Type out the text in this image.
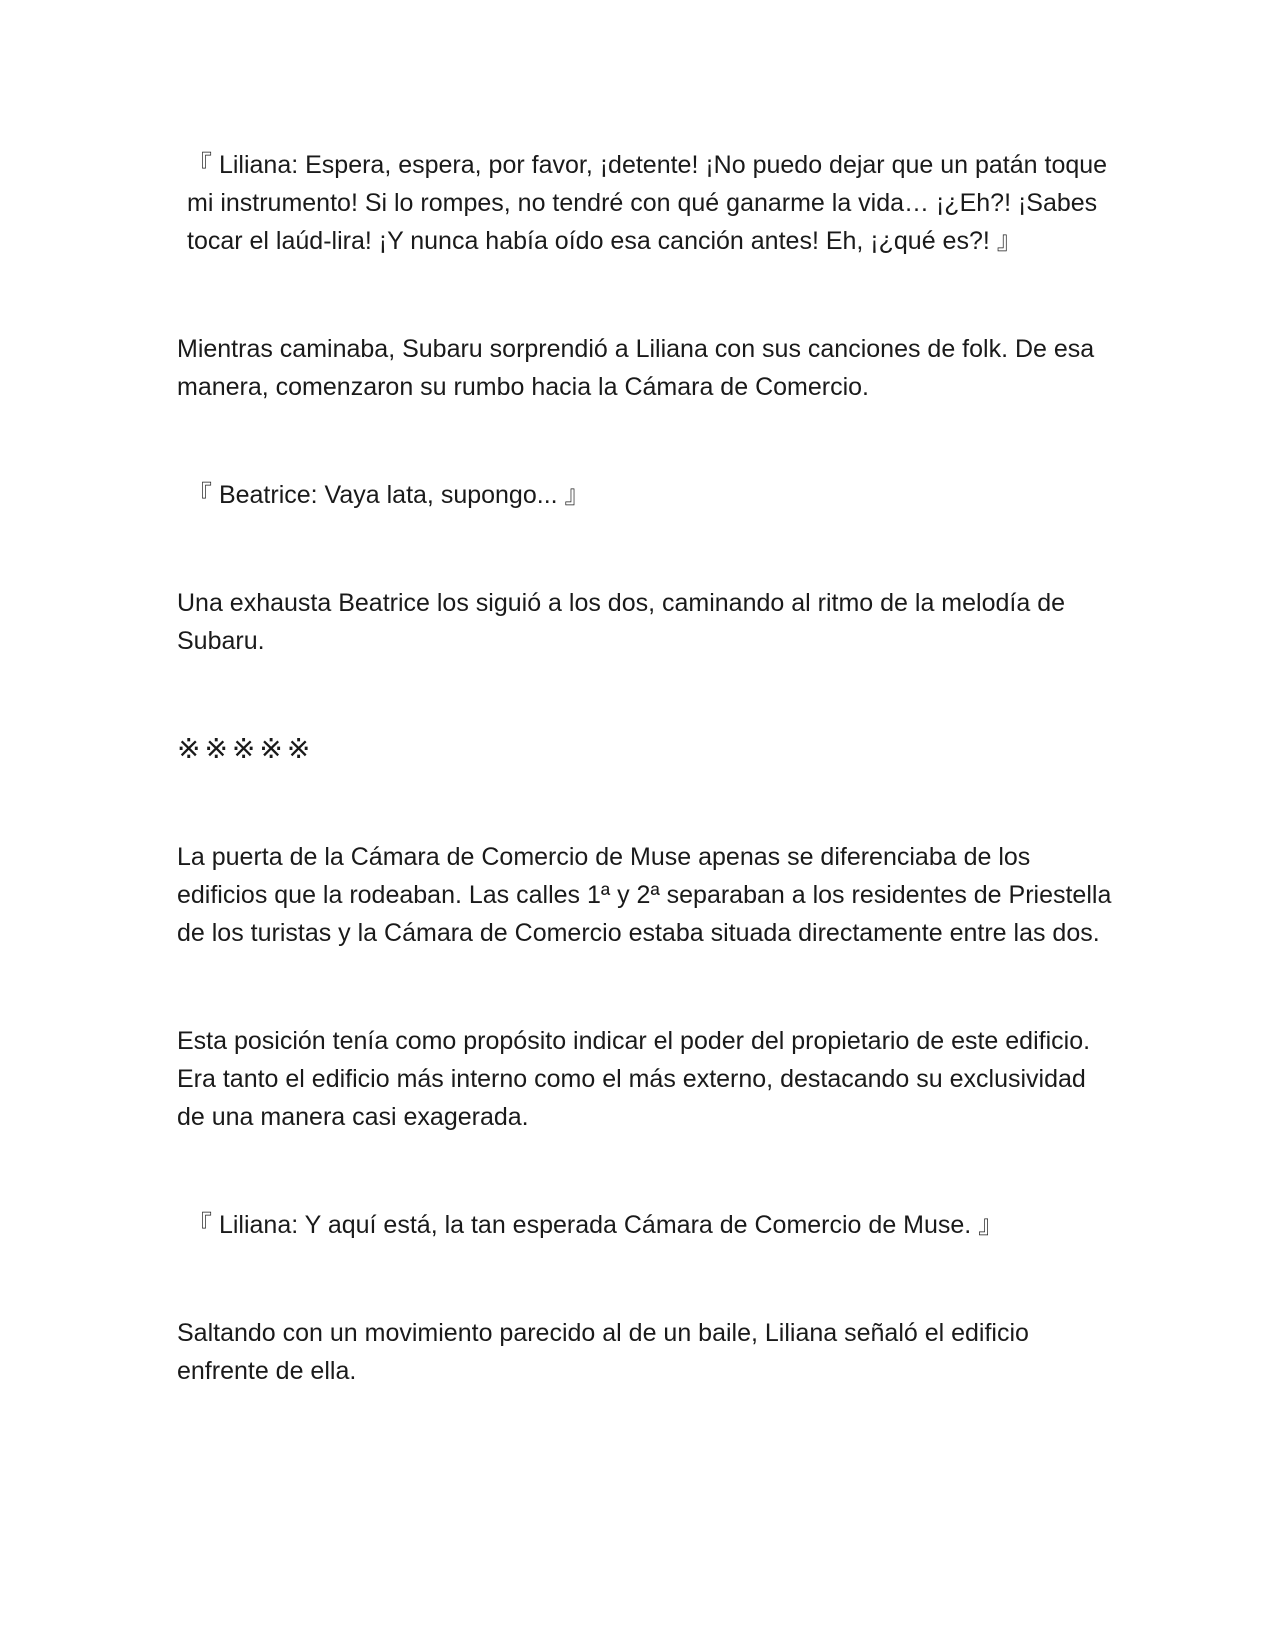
『 Liliana: Espera, espera, por favor, ¡detente! ¡No puedo dejar que un patán toque mi instrumento! Si lo rompes, no tendré con qué ganarme la vida… ¡¿Eh?! ¡Sabes tocar el laúd-lira! ¡Y nunca había oído esa canción antes! Eh, ¡¿qué es?! 』

Mientras caminaba, Subaru sorprendió a Liliana con sus canciones de folk. De esa manera, comenzaron su rumbo hacia la Cámara de Comercio.

『 Beatrice: Vaya lata, supongo... 』

Una exhausta Beatrice los siguió a los dos, caminando al ritmo de la melodía de Subaru.

※※※※※

La puerta de la Cámara de Comercio de Muse apenas se diferenciaba de los edificios que la rodeaban. Las calles 1ª y 2ª separaban a los residentes de Priestella de los turistas y la Cámara de Comercio estaba situada directamente entre las dos.

Esta posición tenía como propósito indicar el poder del propietario de este edificio. Era tanto el edificio más interno como el más externo, destacando su exclusividad de una manera casi exagerada.

『 Liliana: Y aquí está, la tan esperada Cámara de Comercio de Muse. 』

Saltando con un movimiento parecido al de un baile, Liliana señaló el edificio enfrente de ella.
